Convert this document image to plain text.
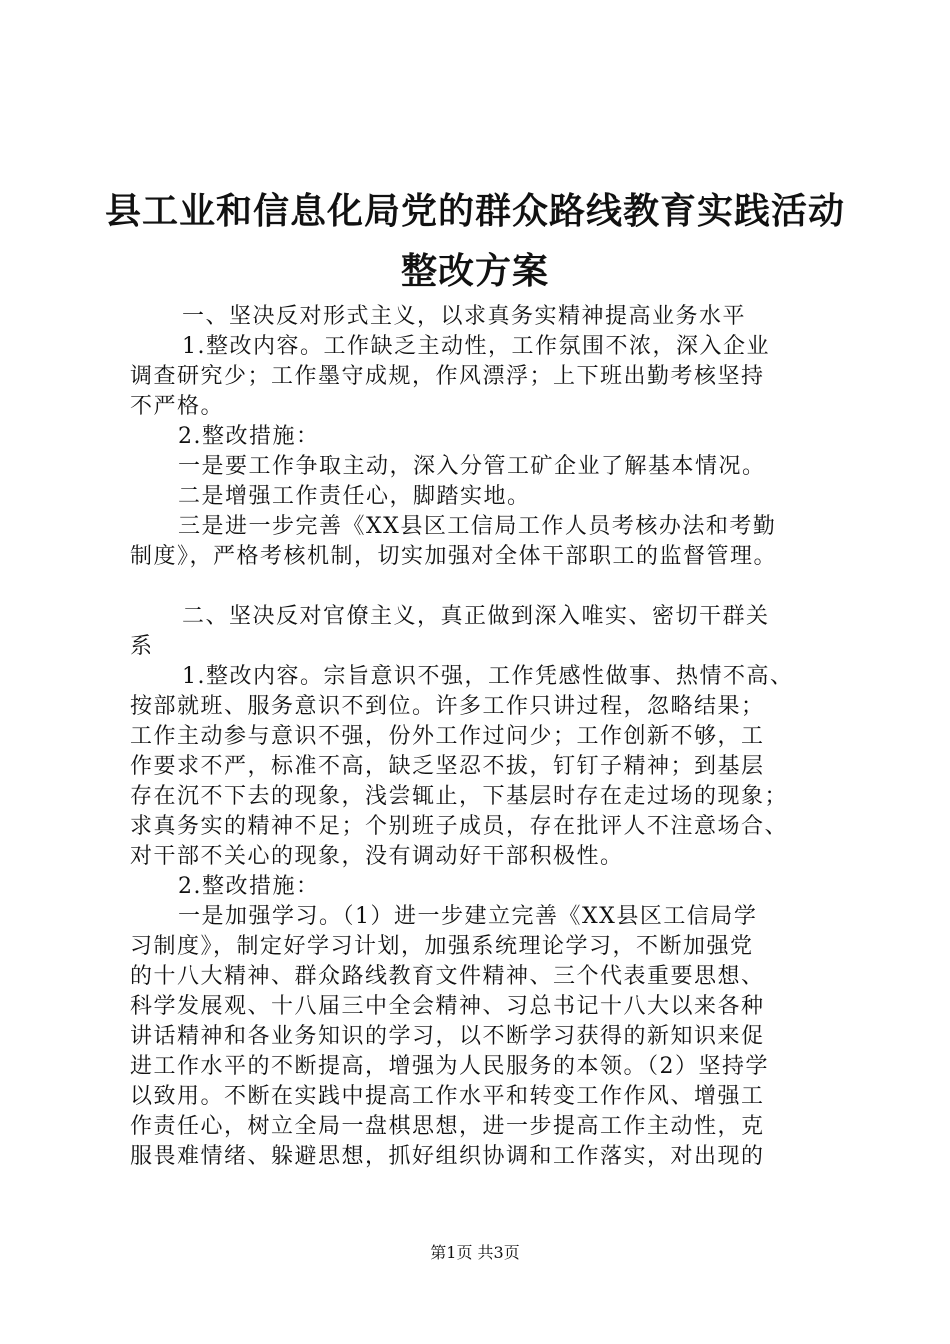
县工业和信息化局党的群众路线教育实践活动
整改方案
一、坚决反对形式主义，以求真务实精神提高业务水平
1.整改内容。工作缺乏主动性，工作氛围不浓，深入企业
调查研究少；工作墨守成规，作风漂浮；上下班出勤考核坚持
不严格。
2.整改措施：
一是要工作争取主动，深入分管工矿企业了解基本情况。
二是增强工作责任心，脚踏实地。
三是进一步完善《XX县区工信局工作人员考核办法和考勤
制度》，严格考核机制，切实加强对全体干部职工的监督管理。
二、坚决反对官僚主义，真正做到深入唯实、密切干群关
系
1.整改内容。宗旨意识不强，工作凭感性做事、热情不高、
按部就班、服务意识不到位。许多工作只讲过程，忽略结果；
工作主动参与意识不强，份外工作过问少；工作创新不够，工
作要求不严，标准不高，缺乏坚忍不拔，钉钉子精神；到基层
存在沉不下去的现象，浅尝辄止，下基层时存在走过场的现象；
求真务实的精神不足；个别班子成员，存在批评人不注意场合、
对干部不关心的现象，没有调动好干部积极性。
2.整改措施：
一是加强学习。（1）进一步建立完善《XX县区工信局学
习制度》，制定好学习计划，加强系统理论学习，不断加强党
的十八大精神、群众路线教育文件精神、三个代表重要思想、
科学发展观、十八届三中全会精神、习总书记十八大以来各种
讲话精神和各业务知识的学习，以不断学习获得的新知识来促
进工作水平的不断提高，增强为人民服务的本领。（2）坚持学
以致用。不断在实践中提高工作水平和转变工作作风、增强工
作责任心，树立全局一盘棋思想，进一步提高工作主动性，克
服畏难情绪、躲避思想，抓好组织协调和工作落实，对出现的
第1页 共3页
